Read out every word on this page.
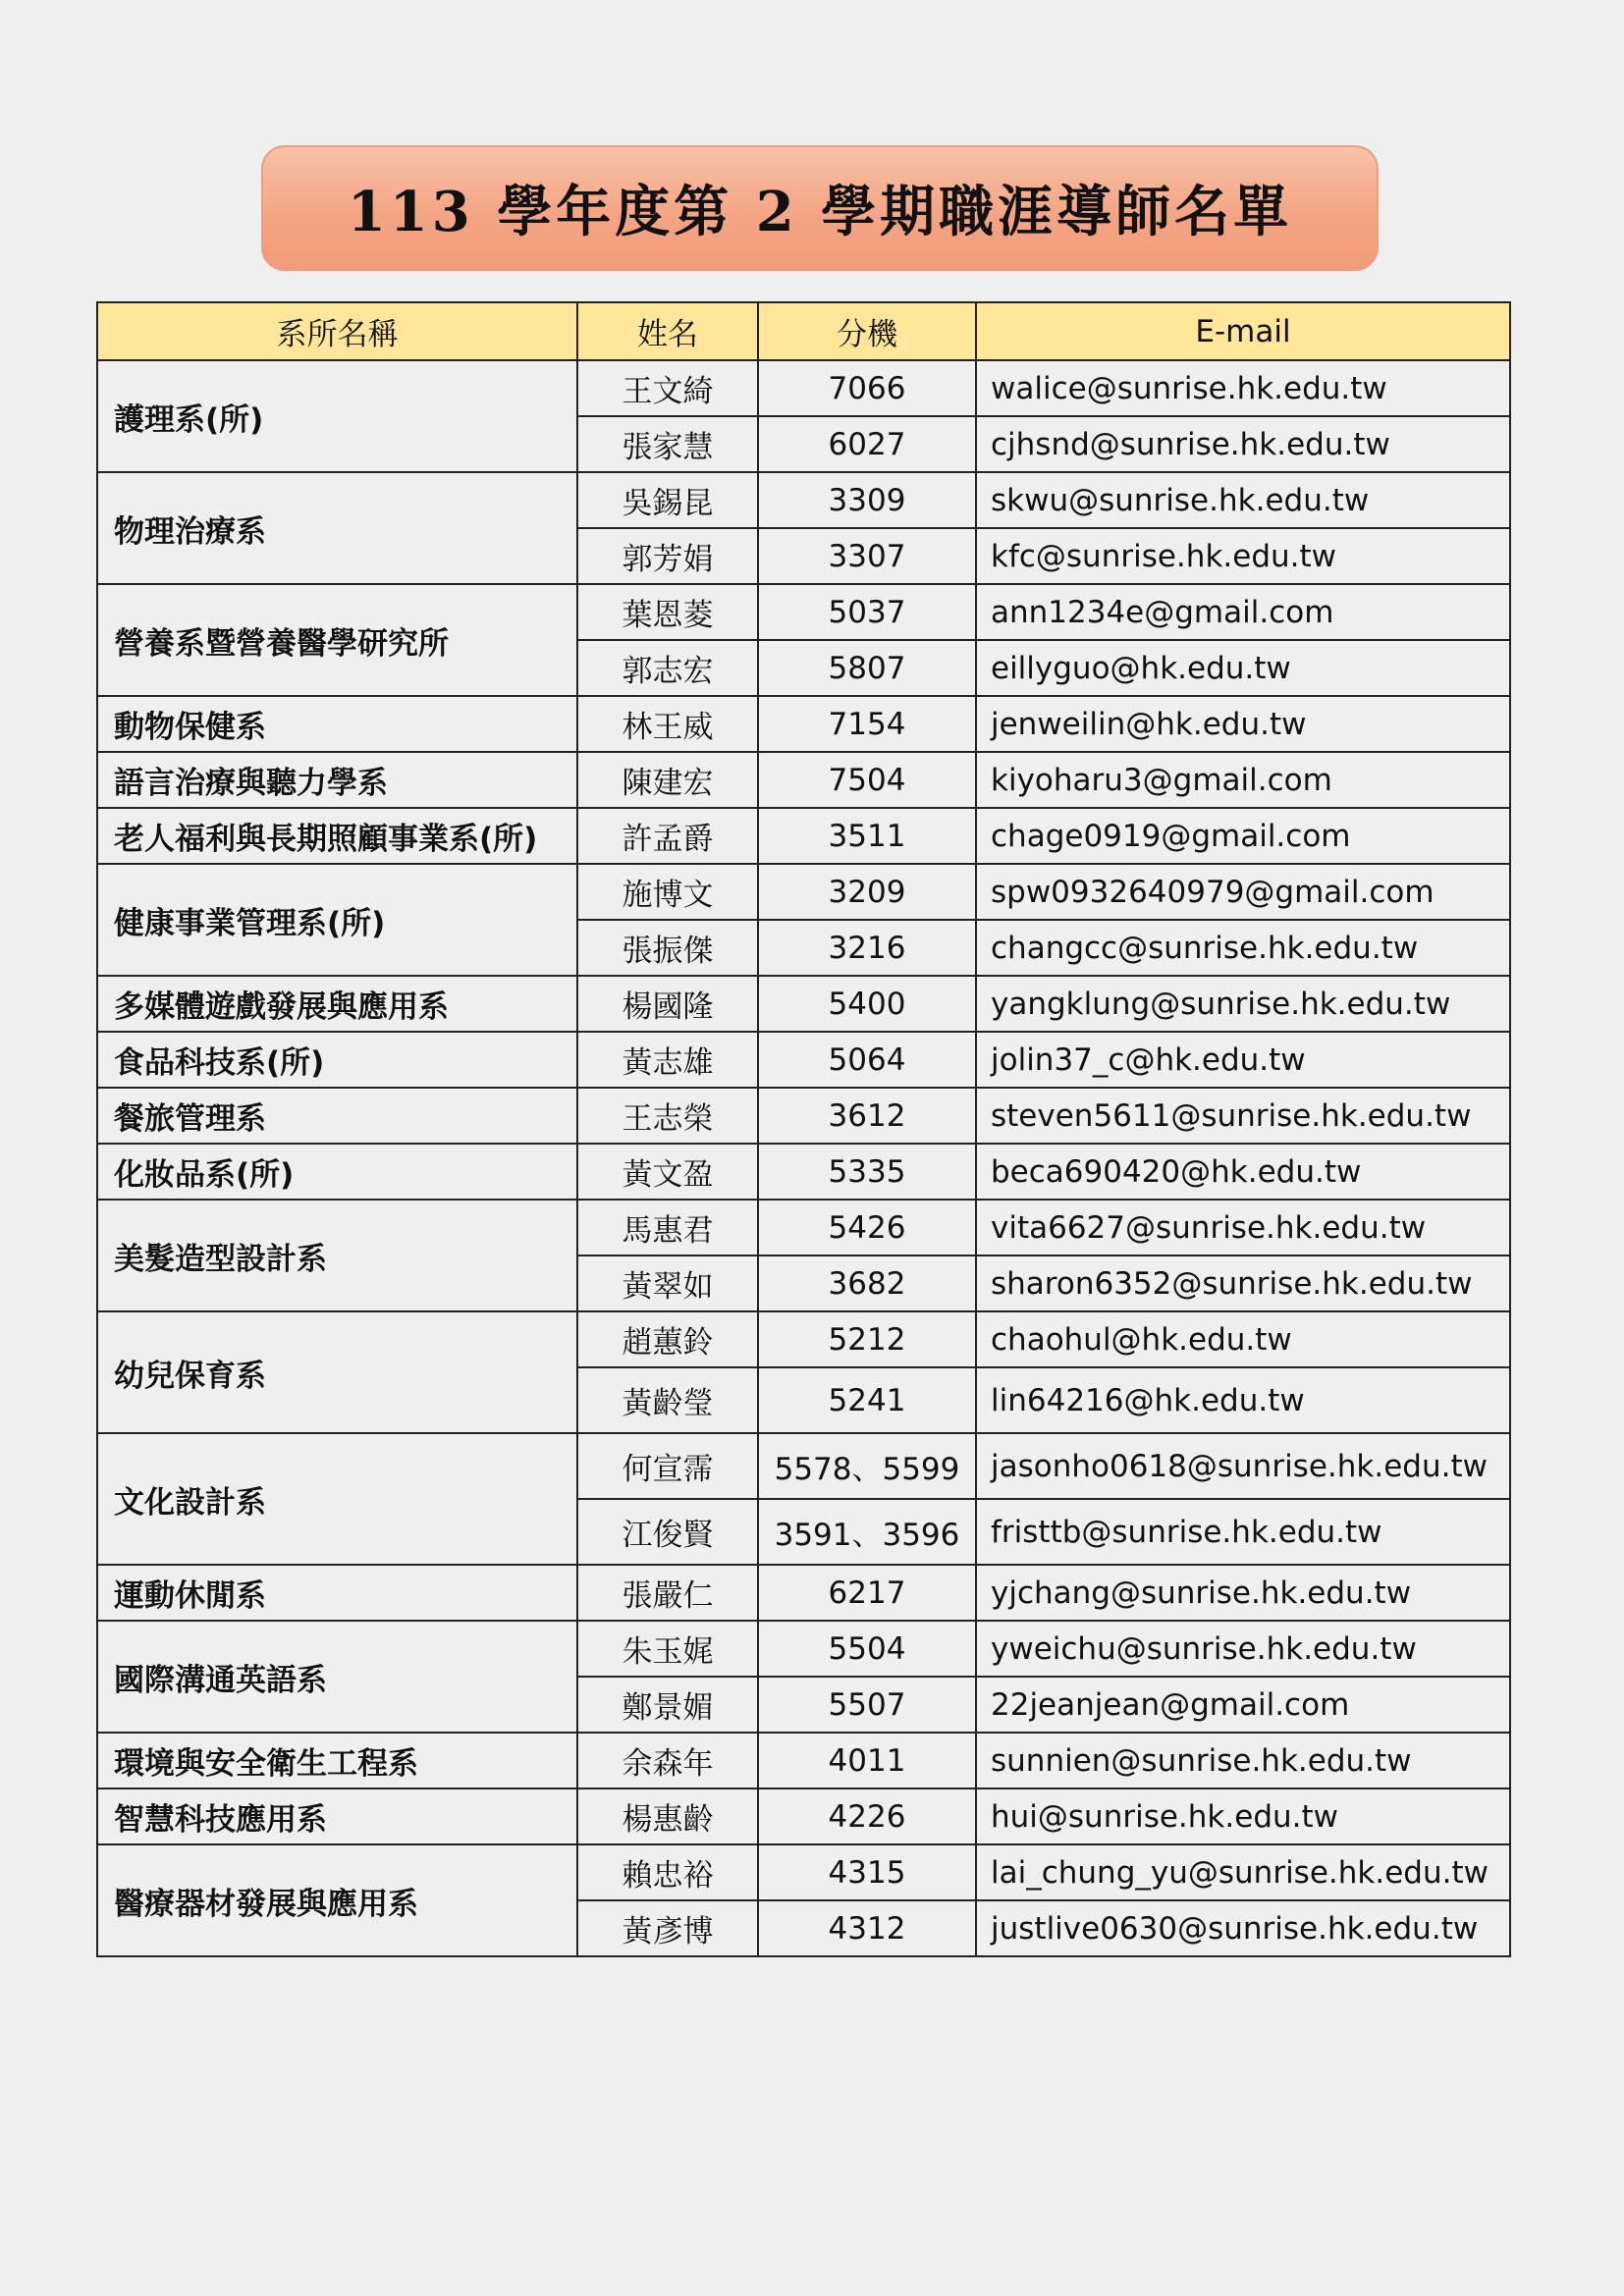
113 學年度第 2 學期職涯導師名單
系所名稱	姓名	分機	E-mail
護理系(所)	王文綺	7066	walice@sunrise.hk.edu.tw
	張家慧	6027	cjhsnd@sunrise.hk.edu.tw
物理治療系	吳錫昆	3309	skwu@sunrise.hk.edu.tw
	郭芳娟	3307	kfc@sunrise.hk.edu.tw
營養系暨營養醫學研究所	葉恩菱	5037	ann1234e@gmail.com
	郭志宏	5807	eillyguo@hk.edu.tw
動物保健系	林王威	7154	jenweilin@hk.edu.tw
語言治療與聽力學系	陳建宏	7504	kiyoharu3@gmail.com
老人福利與長期照顧事業系(所)	許孟爵	3511	chage0919@gmail.com
健康事業管理系(所)	施博文	3209	spw0932640979@gmail.com
	張振傑	3216	changcc@sunrise.hk.edu.tw
多媒體遊戲發展與應用系	楊國隆	5400	yangklung@sunrise.hk.edu.tw
食品科技系(所)	黃志雄	5064	jolin37_c@hk.edu.tw
餐旅管理系	王志榮	3612	steven5611@sunrise.hk.edu.tw
化妝品系(所)	黃文盈	5335	beca690420@hk.edu.tw
美髮造型設計系	馬惠君	5426	vita6627@sunrise.hk.edu.tw
	黃翠如	3682	sharon6352@sunrise.hk.edu.tw
幼兒保育系	趙蕙鈴	5212	chaohul@hk.edu.tw
	黃齡瑩	5241	lin64216@hk.edu.tw
文化設計系	何宣霈	5578、5599	jasonho0618@sunrise.hk.edu.tw
	江俊賢	3591、3596	fristtb@sunrise.hk.edu.tw
運動休閒系	張嚴仁	6217	yjchang@sunrise.hk.edu.tw
國際溝通英語系	朱玉娓	5504	yweichu@sunrise.hk.edu.tw
	鄭景媚	5507	22jeanjean@gmail.com
環境與安全衛生工程系	余森年	4011	sunnien@sunrise.hk.edu.tw
智慧科技應用系	楊惠齡	4226	hui@sunrise.hk.edu.tw
醫療器材發展與應用系	賴忠裕	4315	lai_chung_yu@sunrise.hk.edu.tw
	黃彥博	4312	justlive0630@sunrise.hk.edu.tw
